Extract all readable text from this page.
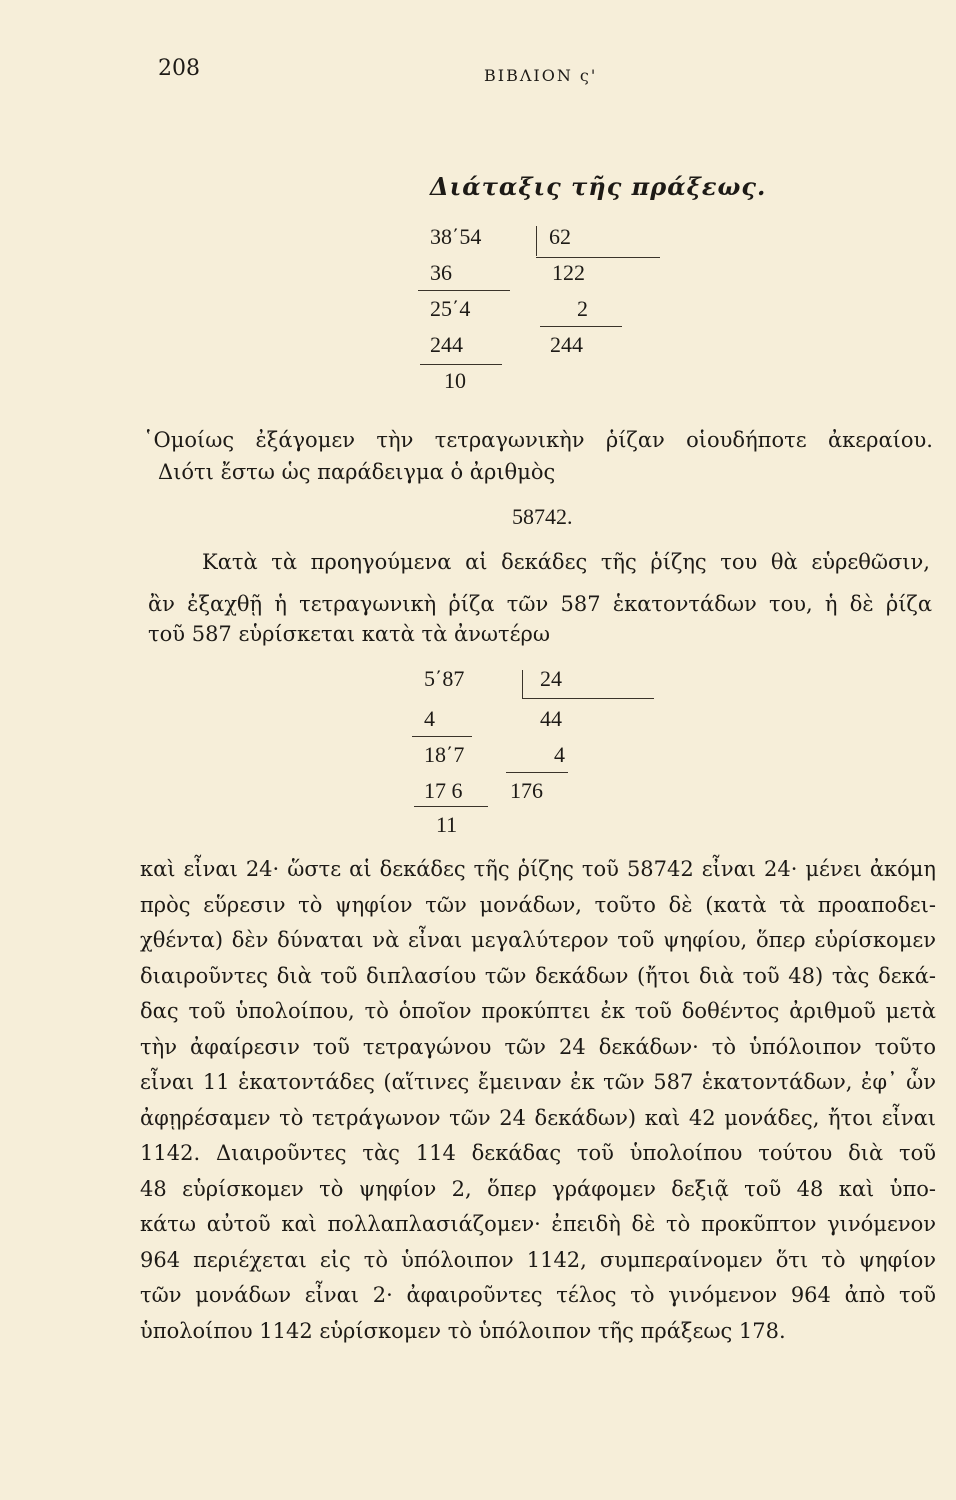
208	ΒΙΒΛΙΟΝ ς'
Διάταξις τῆς πράξεως.
38΄54
36
25΄4
244
10
62
122
2
244
῾Ομοίως ἐξάγομεν τὴν τετραγωνικὴν ῥίζαν οἱουδήποτε ἀκεραίου.
Διότι ἔστω ὡς παράδειγμα ὁ ἀριθμὸς
58742.
Κατὰ τὰ προηγούμενα αἱ δεκάδες τῆς ῥίζης του θὰ εὑρεθῶσιν,
ἂν ἐξαχθῇ ἡ τετραγωνικὴ ῥίζα τῶν 587 ἑκατοντάδων του, ἡ δὲ ῥίζα
τοῦ 587 εὑρίσκεται κατὰ τὰ ἀνωτέρω
5΄87
4
18΄7
17 6
11
24
44
4
176
καὶ εἶναι 24· ὥστε αἱ δεκάδες τῆς ῥίζης τοῦ 58742 εἶναι 24· μένει ἀκόμη
πρὸς εὕρεσιν τὸ ψηφίον τῶν μονάδων, τοῦτο δὲ (κατὰ τὰ προαποδει-
χθέντα) δὲν δύναται νὰ εἶναι μεγαλύτερον τοῦ ψηφίου, ὅπερ εὑρίσκομεν
διαιροῦντες διὰ τοῦ διπλασίου τῶν δεκάδων (ἤτοι διὰ τοῦ 48) τὰς δεκά-
δας τοῦ ὑπολοίπου, τὸ ὁποῖον προκύπτει ἐκ τοῦ δοθέντος ἀριθμοῦ μετὰ
τὴν ἀφαίρεσιν τοῦ τετραγώνου τῶν 24 δεκάδων· τὸ ὑπόλοιπον τοῦτο
εἶναι 11 ἑκατοντάδες (αἵτινες ἔμειναν ἐκ τῶν 587 ἑκατοντάδων, ἐφ᾽ ὧν
ἀφῃρέσαμεν τὸ τετράγωνον τῶν 24 δεκάδων) καὶ 42 μονάδες, ἤτοι εἶναι
1142. Διαιροῦντες τὰς 114 δεκάδας τοῦ ὑπολοίπου τούτου διὰ τοῦ
48 εὑρίσκομεν τὸ ψηφίον 2, ὅπερ γράφομεν δεξιᾷ τοῦ 48 καὶ ὑπο-
κάτω αὐτοῦ καὶ πολλαπλασιάζομεν· ἐπειδὴ δὲ τὸ προκῦπτον γινόμενον
964 περιέχεται εἰς τὸ ὑπόλοιπον 1142, συμπεραίνομεν ὅτι τὸ ψηφίον
τῶν μονάδων εἶναι 2· ἀφαιροῦντες τέλος τὸ γινόμενον 964 ἀπὸ τοῦ
ὑπολοίπου 1142 εὑρίσκομεν τὸ ὑπόλοιπον τῆς πράξεως 178.
